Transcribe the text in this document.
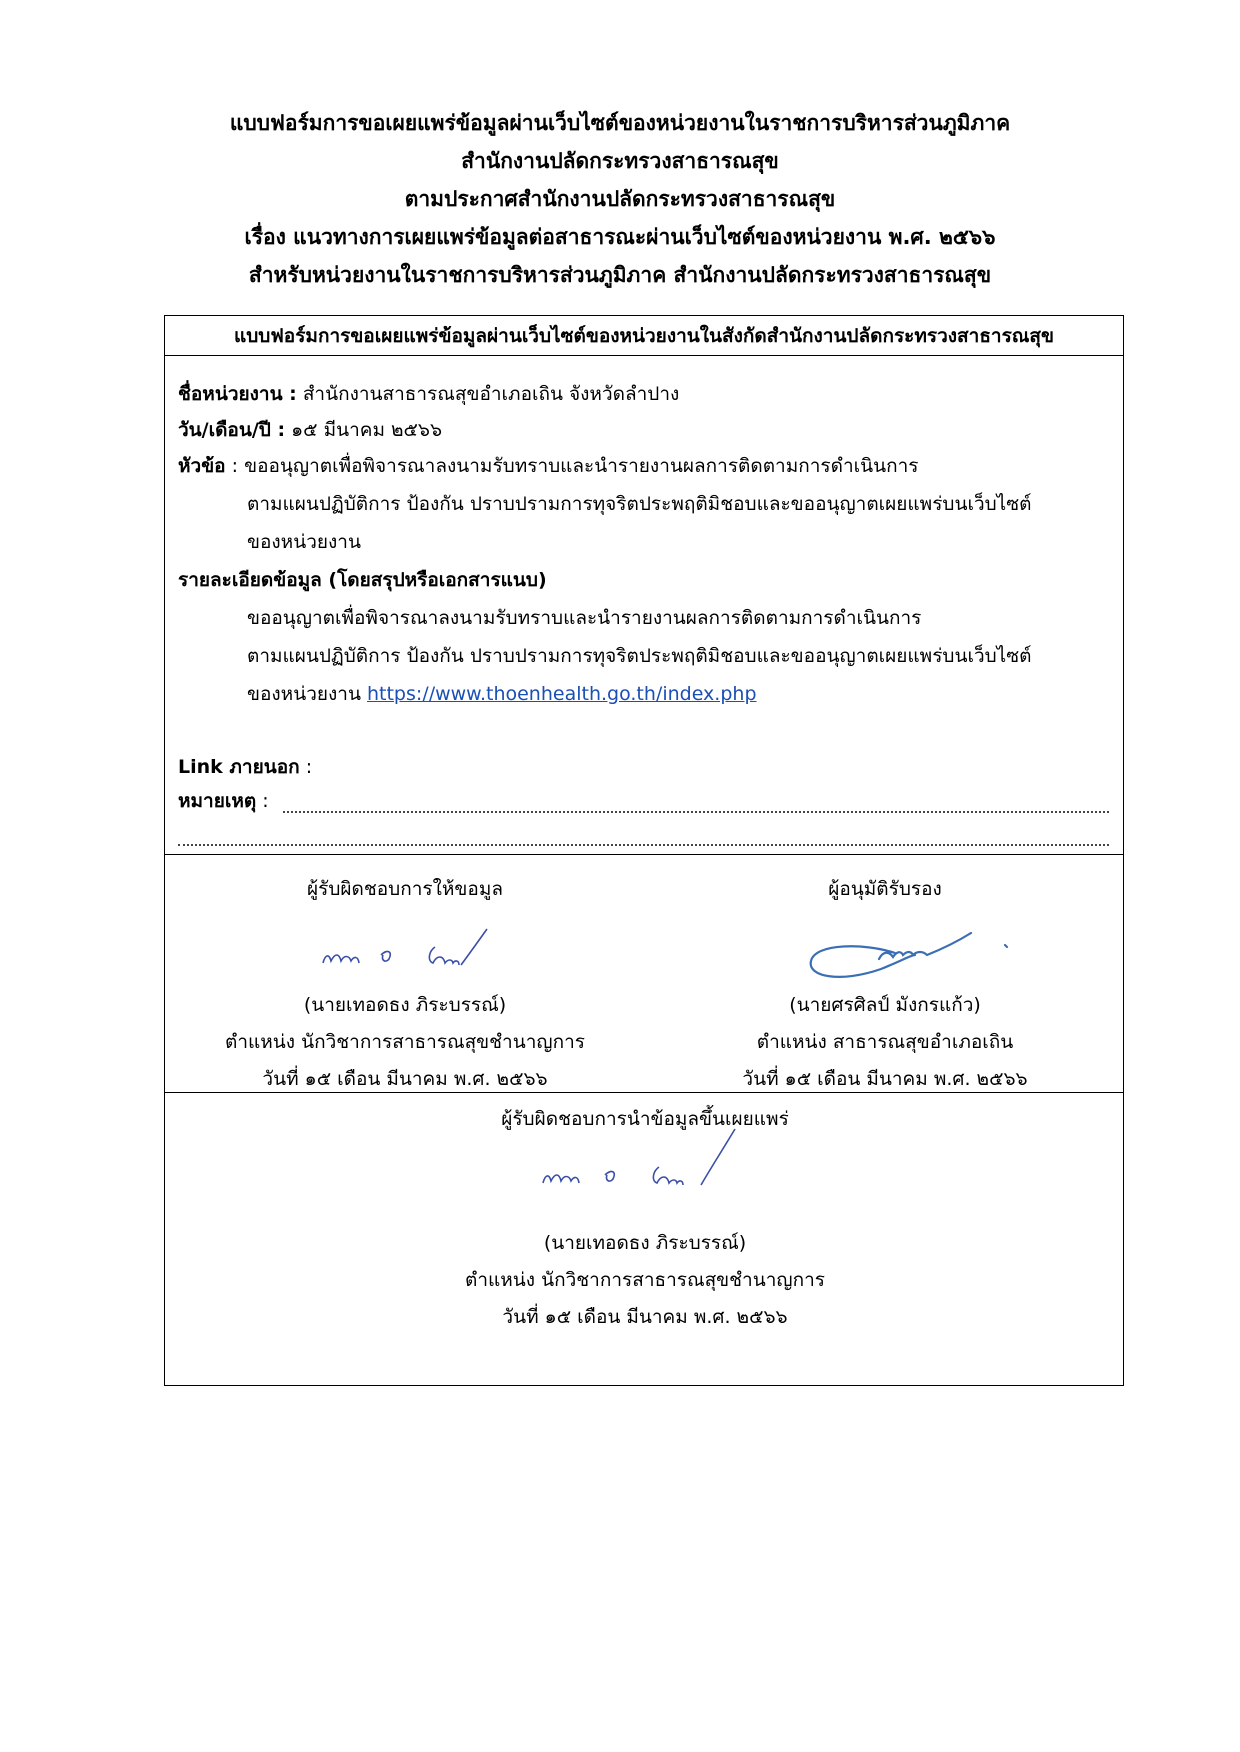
แบบฟอร์มการขอเผยแพร่ข้อมูลผ่านเว็บไซต์ของหน่วยงานในราชการบริหารส่วนภูมิภาค
สำนักงานปลัดกระทรวงสาธารณสุข
ตามประกาศสำนักงานปลัดกระทรวงสาธารณสุข
เรื่อง แนวทางการเผยแพร่ข้อมูลต่อสาธารณะผ่านเว็บไซต์ของหน่วยงาน พ.ศ. ๒๕๖๖
สำหรับหน่วยงานในราชการบริหารส่วนภูมิภาค สำนักงานปลัดกระทรวงสาธารณสุข
แบบฟอร์มการขอเผยแพร่ข้อมูลผ่านเว็บไซต์ของหน่วยงานในสังกัดสำนักงานปลัดกระทรวงสาธารณสุข
ชื่อหน่วยงาน : สำนักงานสาธารณสุขอำเภอเถิน จังหวัดลำปาง
วัน/เดือน/ปี : ๑๕ มีนาคม ๒๕๖๖
หัวข้อ : ขออนุญาตเพื่อพิจารณาลงนามรับทราบและนำรายงานผลการติดตามการดำเนินการ
ตามแผนปฏิบัติการ ป้องกัน ปราบปรามการทุจริตประพฤติมิชอบและขออนุญาตเผยแพร่บนเว็บไซต์
ของหน่วยงาน
รายละเอียดข้อมูล (โดยสรุปหรือเอกสารแนบ)
ขออนุญาตเพื่อพิจารณาลงนามรับทราบและนำรายงานผลการติดตามการดำเนินการ
ตามแผนปฏิบัติการ ป้องกัน ปราบปรามการทุจริตประพฤติมิชอบและขออนุญาตเผยแพร่บนเว็บไซต์
ของหน่วยงาน https://www.thoenhealth.go.th/index.php
Link ภายนอก :
หมายเหตุ :
ผู้รับผิดชอบการให้ขอมูล
(นายเทอดธง ภิระบรรณ์)
ตำแหน่ง นักวิชาการสาธารณสุขชำนาญการ
วันที่ ๑๕ เดือน มีนาคม พ.ศ. ๒๕๖๖
ผู้อนุมัติรับรอง
(นายศรศิลป์ มังกรแก้ว)
ตำแหน่ง สาธารณสุขอำเภอเถิน
วันที่ ๑๕ เดือน มีนาคม พ.ศ. ๒๕๖๖
ผู้รับผิดชอบการนำข้อมูลขึ้นเผยแพร่
(นายเทอดธง ภิระบรรณ์)
ตำแหน่ง นักวิชาการสาธารณสุขชำนาญการ
วันที่ ๑๕ เดือน มีนาคม พ.ศ. ๒๕๖๖
